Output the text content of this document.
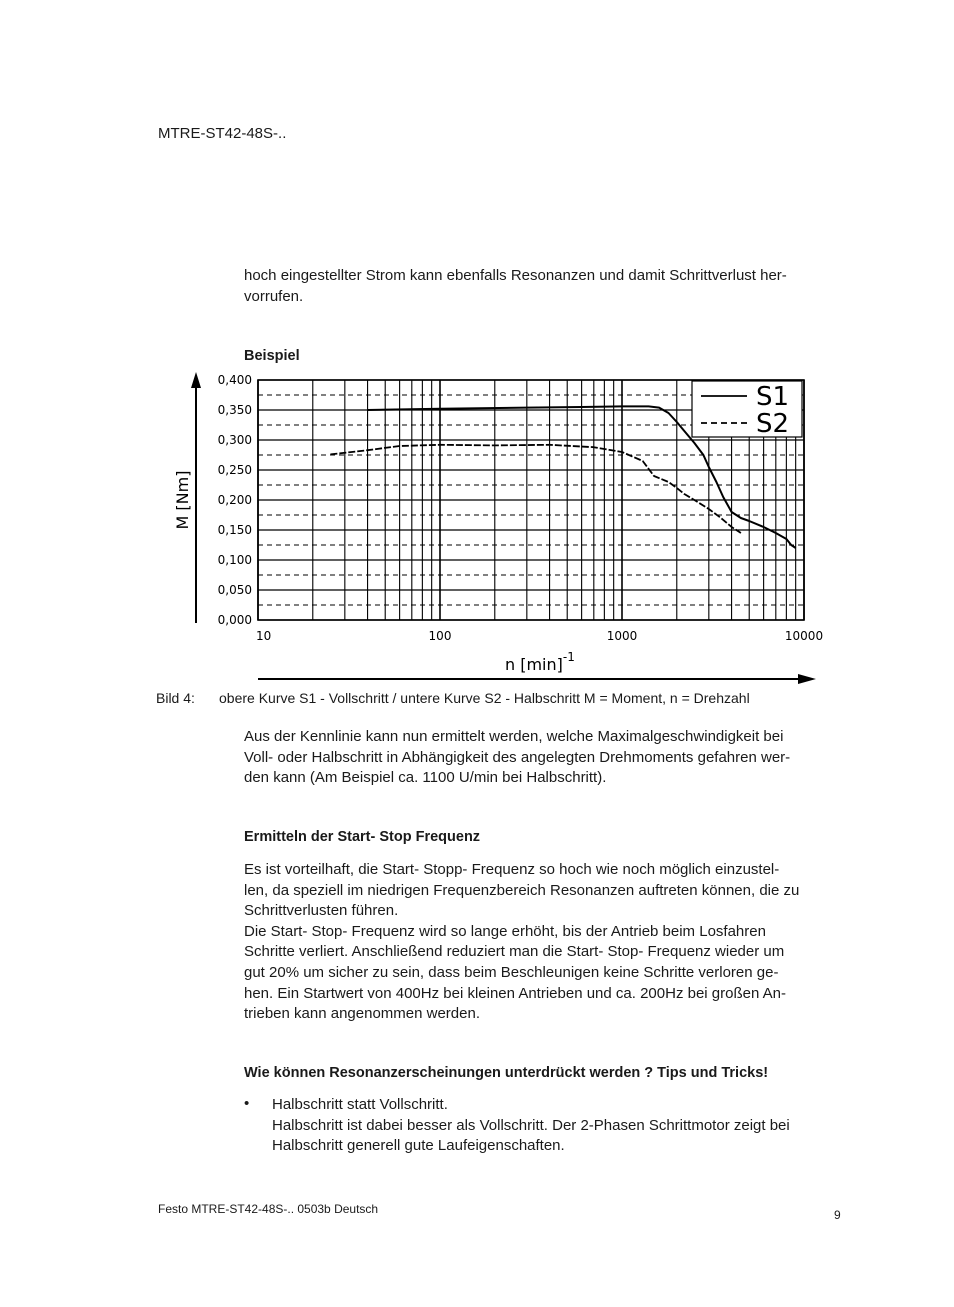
MTRE-ST42-48S-..

hoch eingestellter Strom kann ebenfalls Resonanzen und damit Schrittverlust her-

vorrufen.

Beispiel
0,400
0,350
0,300
0,250
0,200
0,150
0,100
0,050
0,000
10	100	1000	10000
S1
S2
M [Nm]
n $[\min]^{-1}$
Bild 4: obere Kurve S1 - Vollschritt / untere Kurve S2 - Halbschritt M = Moment, n = Drehzahl

Aus der Kennlinie kann nun ermittelt werden, welche Maximalgeschwindigkeit bei

Voll- oder Halbschritt in Abhängigkeit des angelegten Drehmoments gefahren wer-

den kann (Am Beispiel ca. 1100 U/min bei Halbschritt).

Ermitteln der Start- Stop Frequenz

Es ist vorteilhaft, die Start- Stopp- Frequenz so hoch wie noch möglich einzustel-

len, da speziell im niedrigen Frequenzbereich Resonanzen auftreten können, die zu

Schrittverlusten führen.

Die Start- Stop- Frequenz wird so lange erhöht, bis der Antrieb beim Losfahren

Schritte verliert. Anschließend reduziert man die Start- Stop- Frequenz wieder um

gut 20% um sicher zu sein, dass beim Beschleunigen keine Schritte verloren ge-

hen. Ein Startwert von 400Hz bei kleinen Antrieben und ca. 200Hz bei großen An-

trieben kann angenommen werden.

Wie können Resonanzerscheinungen unterdrückt werden ? Tips und Tricks!
• Halbschritt statt Vollschritt.

Halbschritt ist dabei besser als Vollschritt. Der 2-Phasen Schrittmotor zeigt bei

Halbschritt generell gute Laufeigenschaften.

Festo MTRE-ST42-48S-.. 0503b Deutsch	9
